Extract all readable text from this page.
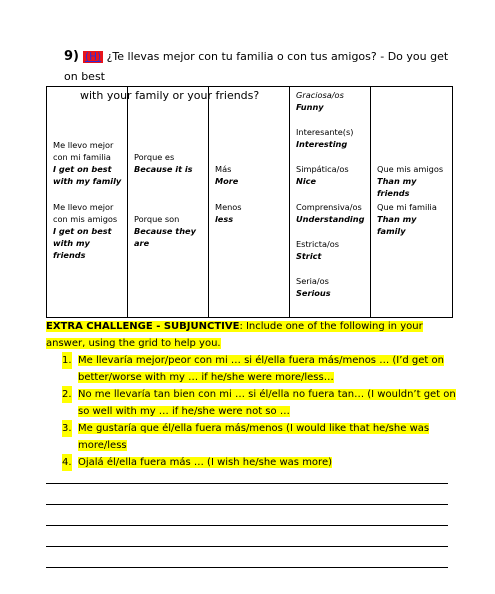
9) (H) ¿Te llevas mejor con tu familia o con tus amigos? - Do you get on best
with your family or your friends?
Me llevo mejor
con mi familia
I get on best
with my family
Me llevo mejor
con mis amigos
I get on best
with my friends

Porque es
Because it is
Porque son
Because they
are

Más
More
Menos
less

Graciosa/os
Funny
Interesante(s)
Interesting
Simpática/os
Nice
Comprensiva/os
Understanding
Estricta/os
Strict
Seria/os
Serious

Que mis amigos
Than my friends
Que mi familia
Than my family
EXTRA CHALLENGE - SUBJUNCTIVE: Include one of the following in your
answer, using the grid to help you.
1. Me llevaría mejor/peor con mi … si él/ella fuera más/menos … (I’d get on
better/worse with my … if he/she were more/less…
2. No me llevaría tan bien con mi … si él/ella no fuera tan… (I wouldn’t get on
so well with my … if he/she were not so …
3. Me gustaría que él/ella fuera más/menos (I would like that he/she was
more/less
4. Ojalá él/ella fuera más … (I wish he/she was more)
